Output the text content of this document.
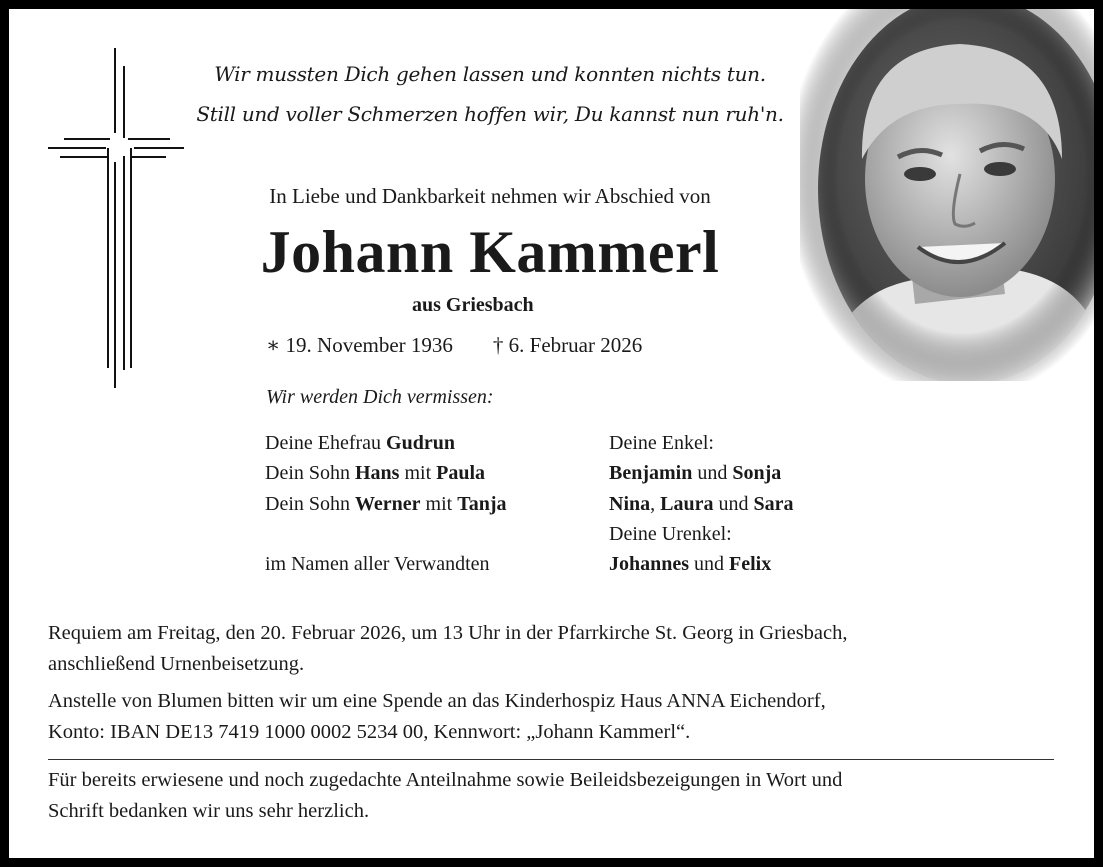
Wir mussten Dich gehen lassen und konnten nichts tun.
Still und voller Schmerzen hoffen wir, Du kannst nun ruh'n.
In Liebe und Dankbarkeit nehmen wir Abschied von
Johann Kammerl
aus Griesbach
∗ 19. November 1936 † 6. Februar 2026
Wir werden Dich vermissen:
Deine Ehefrau Gudrun
Dein Sohn Hans mit Paula
Dein Sohn Werner mit Tanja
im Namen aller Verwandten
Deine Enkel:
Benjamin und Sonja
Nina, Laura und Sara
Deine Urenkel:
Johannes und Felix
Requiem am Freitag, den 20. Februar 2026, um 13 Uhr in der Pfarrkirche St. Georg in Griesbach,
anschließend Urnenbeisetzung.
Anstelle von Blumen bitten wir um eine Spende an das Kinderhospiz Haus ANNA Eichendorf,
Konto: IBAN DE13 7419 1000 0002 5234 00, Kennwort: „Johann Kammerl“.
Für bereits erwiesene und noch zugedachte Anteilnahme sowie Beileidsbezeigungen in Wort und
Schrift bedanken wir uns sehr herzlich.
